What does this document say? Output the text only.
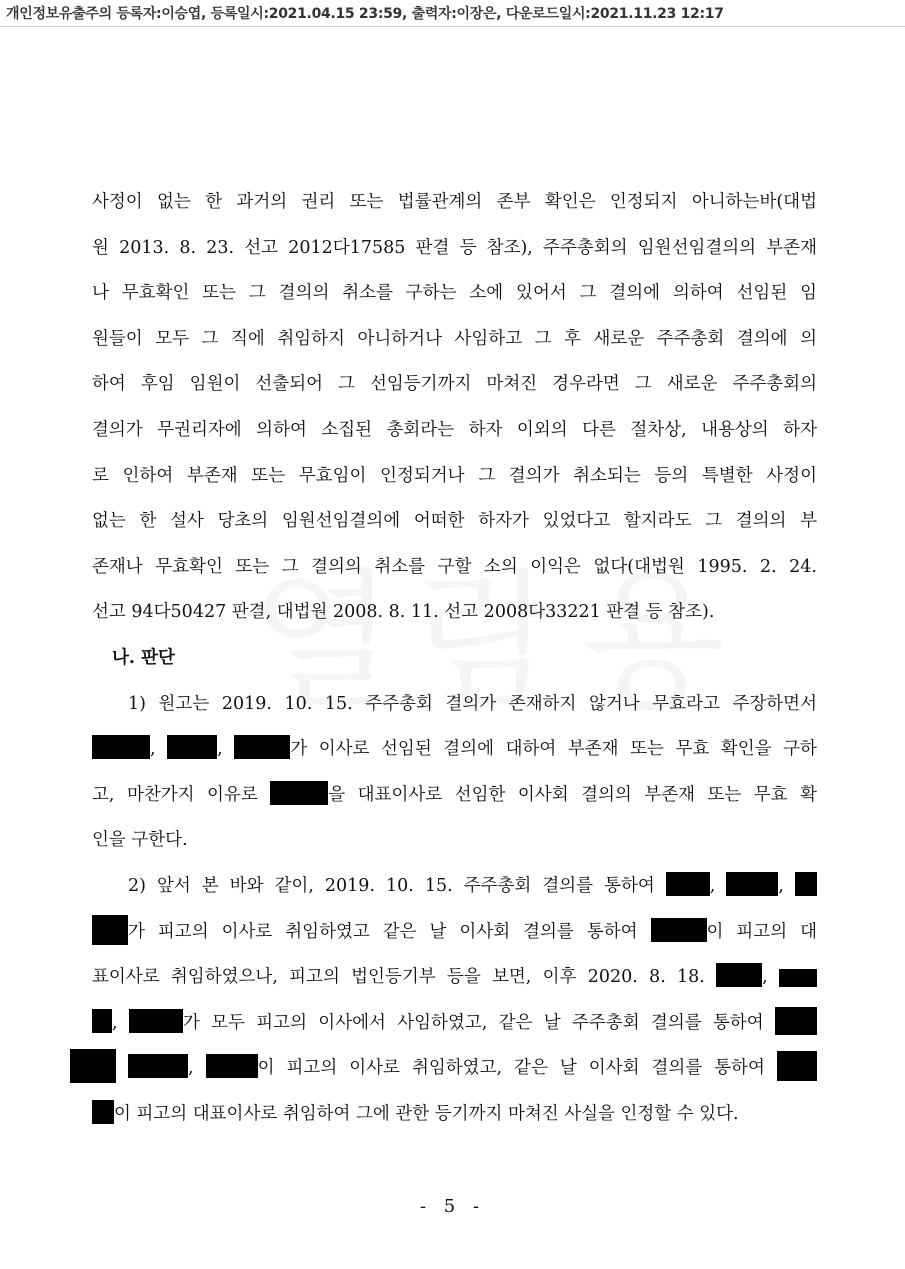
개인정보유출주의 등록자:이승엽, 등록일시:2021.04.15 23:59, 출력자:이장은, 다운로드일시:2021.11.23 12:17
사정이 없는 한 과거의 권리 또는 법률관계의 존부 확인은 인정되지 아니하는바(대법
원 2013. 8. 23. 선고 2012다17585 판결 등 참조), 주주총회의 임원선임결의의 부존재
나 무효확인 또는 그 결의의 취소를 구하는 소에 있어서 그 결의에 의하여 선임된 임
원들이 모두 그 직에 취임하지 아니하거나 사임하고 그 후 새로운 주주총회 결의에 의
하여 후임 임원이 선출되어 그 선임등기까지 마쳐진 경우라면 그 새로운 주주총회의
결의가 무권리자에 의하여 소집된 총회라는 하자 이외의 다른 절차상, 내용상의 하자
로 인하여 부존재 또는 무효임이 인정되거나 그 결의가 취소되는 등의 특별한 사정이
없는 한 설사 당초의 임원선임결의에 어떠한 하자가 있었다고 할지라도 그 결의의 부
존재나 무효확인 또는 그 결의의 취소를 구할 소의 이익은 없다(대법원 1995. 2. 24.
선고 94다50427 판결, 대법원 2008. 8. 11. 선고 2008다33221 판결 등 참조).
나. 판단
1) 원고는 2019. 10. 15. 주주총회 결의가 존재하지 않거나 무효라고 주장하면서
,	,	가 이사로 선임된 결의에 대하여 부존재 또는 무효 확인을 구하
고, 마찬가지 이유로	을 대표이사로 선임한 이사회 결의의 부존재 또는 무효 확
인을 구한다.
2) 앞서 본 바와 같이, 2019. 10. 15. 주주총회 결의를 통하여	,	,
가 피고의 이사로 취임하였고 같은 날 이사회 결의를 통하여	이 피고의 대
표이사로 취임하였으나, 피고의 법인등기부 등을 보면, 이후 2020. 8. 18.	,
,	가 모두 피고의 이사에서 사임하였고, 같은 날 주주총회 결의를 통하여
,	이 피고의 이사로 취임하였고, 같은 날 이사회 결의를 통하여
이 피고의 대표이사로 취임하여 그에 관한 등기까지 마쳐진 사실을 인정할 수 있다.
- 5 -
